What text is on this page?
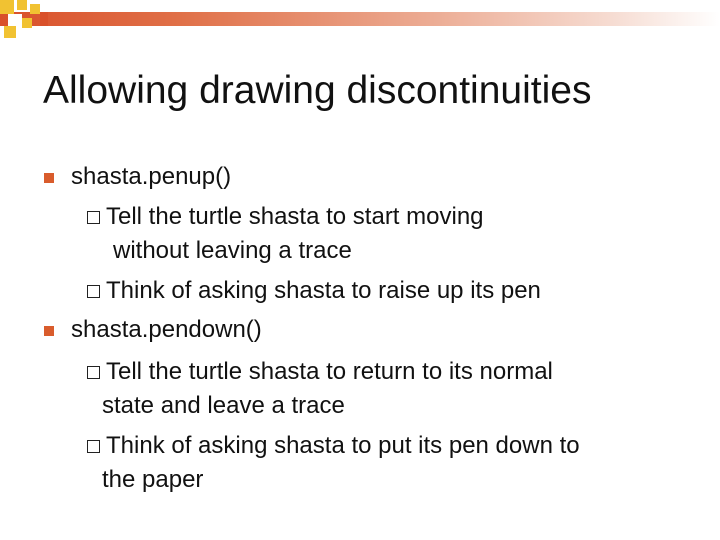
Allowing drawing discontinuities
shasta.penup()
Tell the turtle shasta to start moving
without leaving a trace
Think of asking shasta to raise up its pen
shasta.pendown()
Tell the turtle shasta to return to its normal
state and leave a trace
Think of asking shasta to put its pen down to
the paper
